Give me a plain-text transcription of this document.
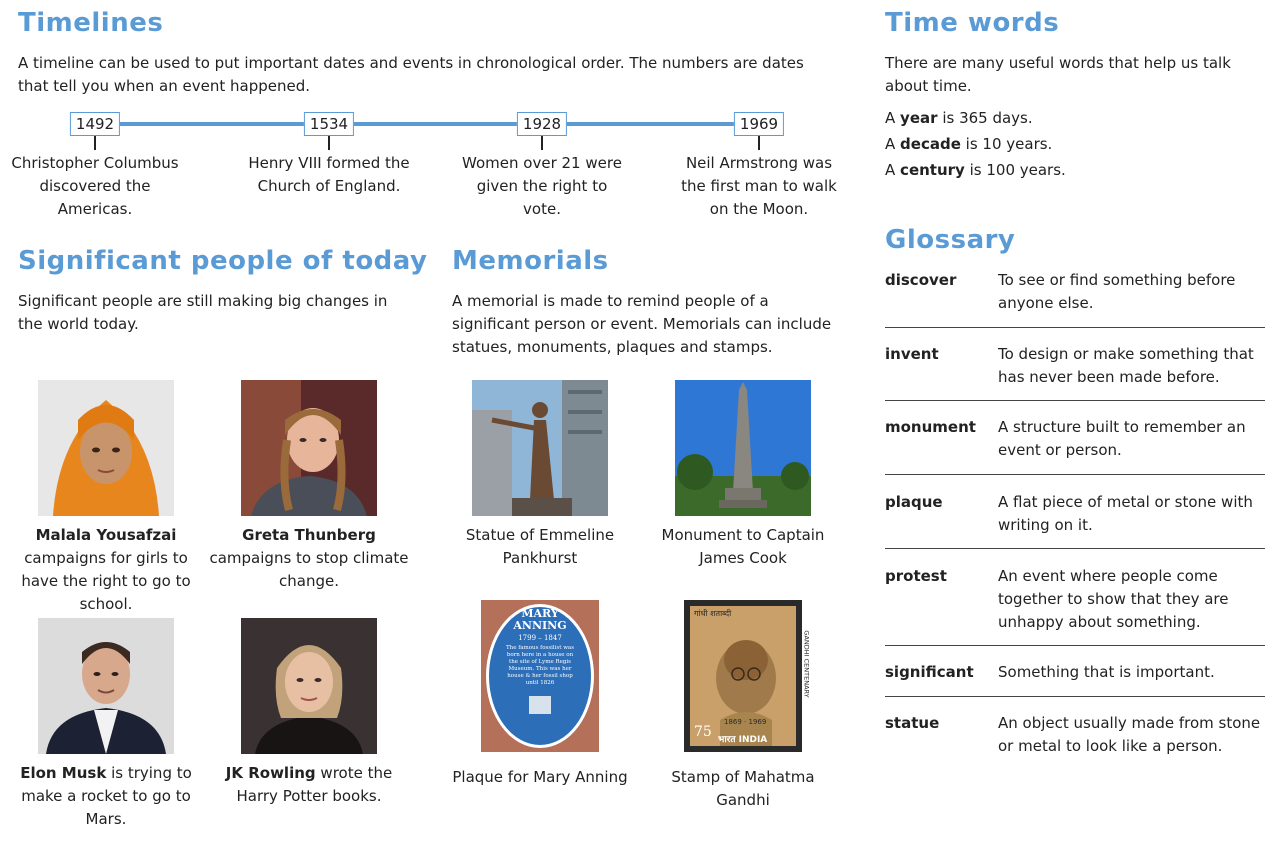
Timelines
A timeline can be used to put important dates and events in chronological order. The numbers are dates that tell you when an event happened.
1492
Christopher Columbus discovered the Americas.
1534
Henry VIII formed the Church of England.
1928
Women over 21 were given the right to vote.
1969
Neil Armstrong was the first man to walk on the Moon.
Time words
There are many useful words that help us talk about time.
A year is 365 days.
A decade is 10 years.
A century is 100 years.
Significant people of today
Significant people are still making big changes in the world today.
Malala Yousafzai
campaigns for girls to have the right to go to school.
Greta Thunberg
campaigns to stop climate change.
Elon Musk is trying to make a rocket to go to Mars.
JK Rowling wrote the Harry Potter books.
Memorials
A memorial is made to remind people of a significant person or event. Memorials can include statues, monuments, plaques and stamps.
Statue of Emmeline Pankhurst
Monument to Captain James Cook
MARY ANNING
1799 – 1847
The famous fossilist was born here in a house on the site of Lyme Regis Museum. This was her house & her fossil shop until 1826
Plaque for Mary Anning
गांधी शताब्दी
GANDHI CENTENARY
1869 · 1969
75 भारत INDIA
Stamp of Mahatma Gandhi
Glossary
discover	To see or find something before anyone else.
invent	To design or make something that has never been made before.
monument A structure built to remember an event or person.
plaque	A flat piece of metal or stone with writing on it.
protest	An event where people come together to show that they are unhappy about something.
significant Something that is important.
statue	An object usually made from stone or metal to look like a person.
